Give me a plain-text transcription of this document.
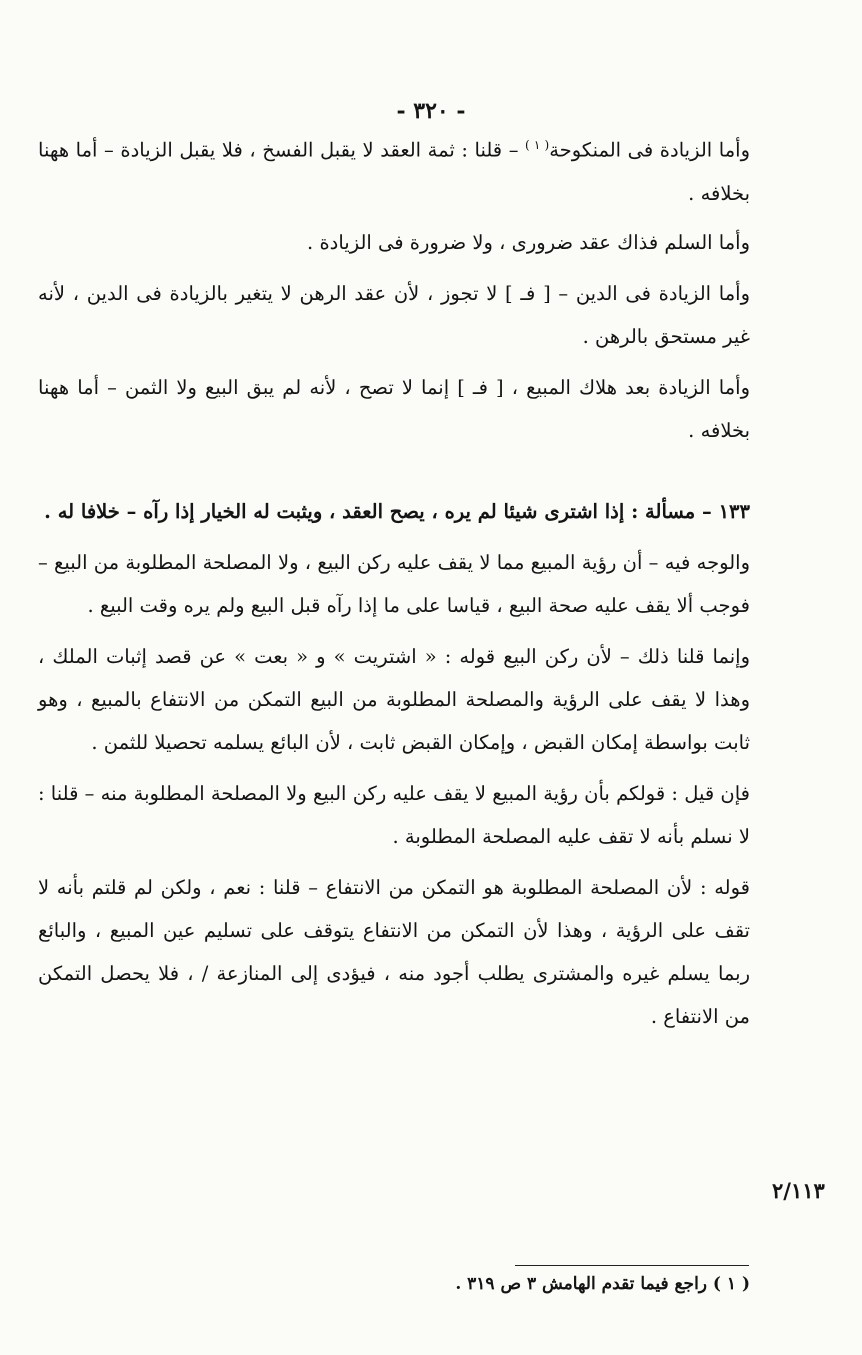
- ٣٢٠ -

وأما الزيادة فى المنكوحة$^{( ١ )}$ – قلنا : ثمة العقد لا يقبل الفسخ ، فلا يقبل الزيادة – أما ههنا بخلافه .

وأما السلم فذاك عقد ضرورى ، ولا ضرورة فى الزيادة .

وأما الزيادة فى الدين – [ فـ ] لا تجوز ، لأن عقد الرهن لا يتغير بالزيادة فى الدين ، لأنه غير مستحق بالرهن .

وأما الزيادة بعد هلاك المبيع ، [ فـ ] إنما لا تصح ، لأنه لم يبق البيع ولا الثمن – أما ههنا بخلافه .

١٣٣ – مسألة : إذا اشترى شيئا لم يره ، يصح العقد ، ويثبت له الخيار إذا رآه – خلافا له .

والوجه فيه – أن رؤية المبيع مما لا يقف عليه ركن البيع ، ولا المصلحة المطلوبة من البيع – فوجب ألا يقف عليه صحة البيع ، قياسا على ما إذا رآه قبل البيع ولم يره وقت البيع .

وإنما قلنا ذلك – لأن ركن البيع قوله : « اشتريت » و « بعت » عن قصد إثبات الملك ، وهذا لا يقف على الرؤية والمصلحة المطلوبة من البيع التمكن من الانتفاع بالمبيع ، وهو ثابت بواسطة إمكان القبض ، وإمكان القبض ثابت ، لأن البائع يسلمه تحصيلا للثمن .

فإن قيل : قولكم بأن رؤية المبيع لا يقف عليه ركن البيع ولا المصلحة المطلوبة منه – قلنا : لا نسلم بأنه لا تقف عليه المصلحة المطلوبة .

قوله : لأن المصلحة المطلوبة هو التمكن من الانتفاع – قلنا : نعم ، ولكن لم قلتم بأنه لا تقف على الرؤية ، وهذا لأن التمكن من الانتفاع يتوقف على تسليم عين المبيع ، والبائع ربما يسلم غيره والمشترى يطلب أجود منه ، فيؤدى إلى المنازعة / ، فلا يحصل التمكن من الانتفاع .

٢/١١٣
( ١ ) راجع فيما تقدم الهامش ٣ ص ٣١٩ .
